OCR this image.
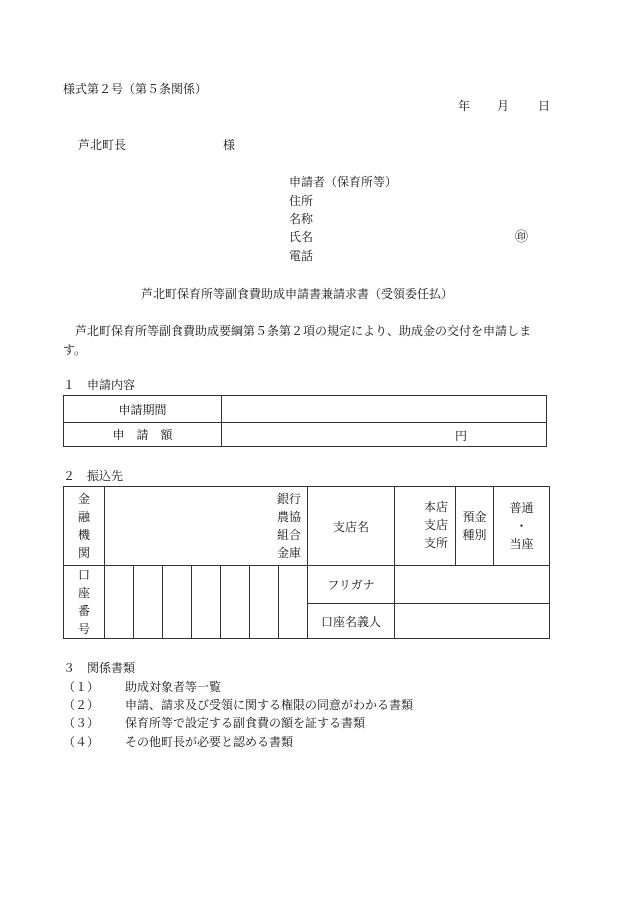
様式第２号（第５条関係）
年 月 日
芦北町長	様
申請者（保育所等）
住所
名称
氏名	㊞
電話
芦北町保育所等副食費助成申請書兼請求書（受領委任払）
芦北町保育所等副食費助成要綱第５条第２項の規定により、助成金の交付を申請します。
１　申請内容
申請期間	
申　請　額	円
２　振込先
金融機関	銀行農協組合金庫							支店名	本店支店支所	預金種別	普通
・
当座

口座番号								フリガナ			
								口座名義人			
３　関係書類
（１） 助成対象者等一覧
（２） 申請、請求及び受領に関する権限の同意がわかる書類
（３） 保育所等で設定する副食費の額を証する書類
（４） その他町長が必要と認める書類
